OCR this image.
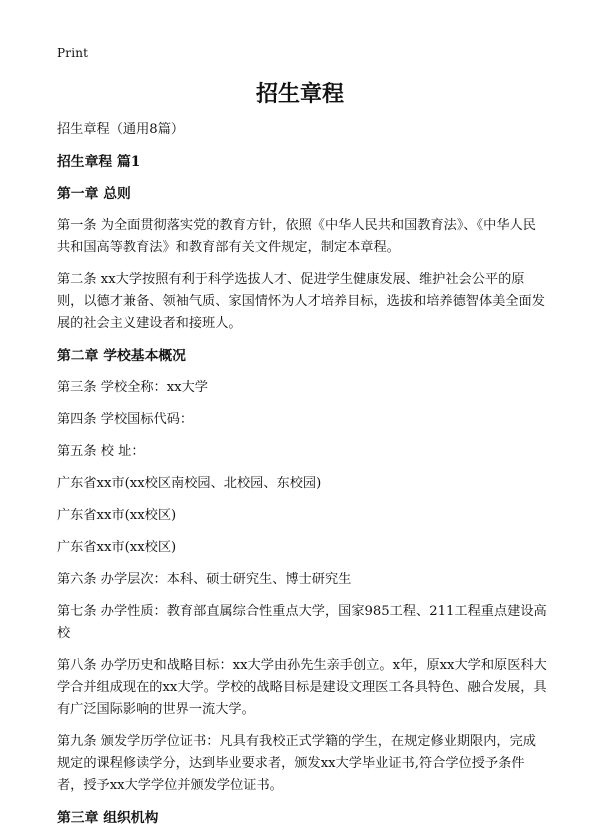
Print
招生章程

招生章程（通用8篇）

招生章程 篇1

第一章 总则

第一条 为全面贯彻落实党的教育方针，依照《中华人民共和国教育法》、《中华人民共和国高等教育法》和教育部有关文件规定，制定本章程。

第二条 xx大学按照有利于科学选拔人才、促进学生健康发展、维护社会公平的原则，以德才兼备、领袖气质、家国情怀为人才培养目标，选拔和培养德智体美全面发展的社会主义建设者和接班人。

第二章 学校基本概况

第三条 学校全称：xx大学

第四条 学校国标代码：

第五条 校 址：

广东省xx市(xx校区南校园、北校园、东校园)

广东省xx市(xx校区)

广东省xx市(xx校区)

第六条 办学层次：本科、硕士研究生、博士研究生

第七条 办学性质：教育部直属综合性重点大学，国家985工程、211工程重点建设高校

第八条 办学历史和战略目标：xx大学由孙先生亲手创立。x年，原xx大学和原医科大学合并组成现在的xx大学。学校的战略目标是建设文理医工各具特色、融合发展，具有广泛国际影响的世界一流大学。

第九条 颁发学历学位证书：凡具有我校正式学籍的学生，在规定修业期限内，完成规定的课程修读学分，达到毕业要求者，颁发xx大学毕业证书,符合学位授予条件者，授予xx大学学位并颁发学位证书。

第三章 组织机构
